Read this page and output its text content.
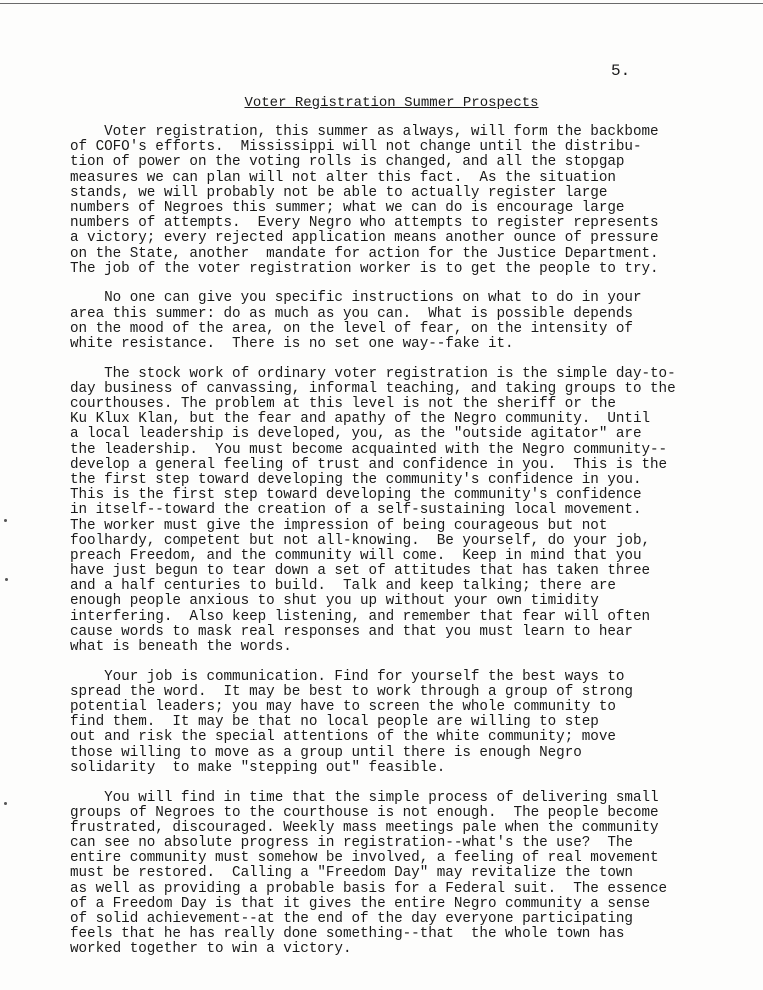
5.
Voter Registration Summer Prospects
Voter registration, this summer as always, will form the backbome
of COFO's efforts.  Mississippi will not change until the distribu-
tion of power on the voting rolls is changed, and all the stopgap
measures we can plan will not alter this fact.  As the situation
stands, we will probably not be able to actually register large
numbers of Negroes this summer; what we can do is encourage large
numbers of attempts.  Every Negro who attempts to register represents
a victory; every rejected application means another ounce of pressure
on the State, another  mandate for action for the Justice Department.
The job of the voter registration worker is to get the people to try.
No one can give you specific instructions on what to do in your
area this summer: do as much as you can.  What is possible depends
on the mood of the area, on the level of fear, on the intensity of
white resistance.  There is no set one way--fake it.
The stock work of ordinary voter registration is the simple day-to-
day business of canvassing, informal teaching, and taking groups to the
courthouses. The problem at this level is not the sheriff or the
Ku Klux Klan, but the fear and apathy of the Negro community.  Until
a local leadership is developed, you, as the "outside agitator" are
the leadership.  You must become acquainted with the Negro community--
develop a general feeling of trust and confidence in you.  This is the
the first step toward developing the community's confidence in you.
This is the first step toward developing the community's confidence
in itself--toward the creation of a self-sustaining local movement.
The worker must give the impression of being courageous but not
foolhardy, competent but not all-knowing.  Be yourself, do your job,
preach Freedom, and the community will come.  Keep in mind that you
have just begun to tear down a set of attitudes that has taken three
and a half centuries to build.  Talk and keep talking; there are
enough people anxious to shut you up without your own timidity
interfering.  Also keep listening, and remember that fear will often
cause words to mask real responses and that you must learn to hear
what is beneath the words.
Your job is communication. Find for yourself the best ways to
spread the word.  It may be best to work through a group of strong
potential leaders; you may have to screen the whole community to
find them.  It may be that no local people are willing to step
out and risk the special attentions of the white community; move
those willing to move as a group until there is enough Negro
solidarity  to make "stepping out" feasible.
You will find in time that the simple process of delivering small
groups of Negroes to the courthouse is not enough.  The people become
frustrated, discouraged. Weekly mass meetings pale when the community
can see no absolute progress in registration--what's the use?  The
entire community must somehow be involved, a feeling of real movement
must be restored.  Calling a "Freedom Day" may revitalize the town
as well as providing a probable basis for a Federal suit.  The essence
of a Freedom Day is that it gives the entire Negro community a sense
of solid achievement--at the end of the day everyone participating
feels that he has really done something--that  the whole town has
worked together to win a victory.
